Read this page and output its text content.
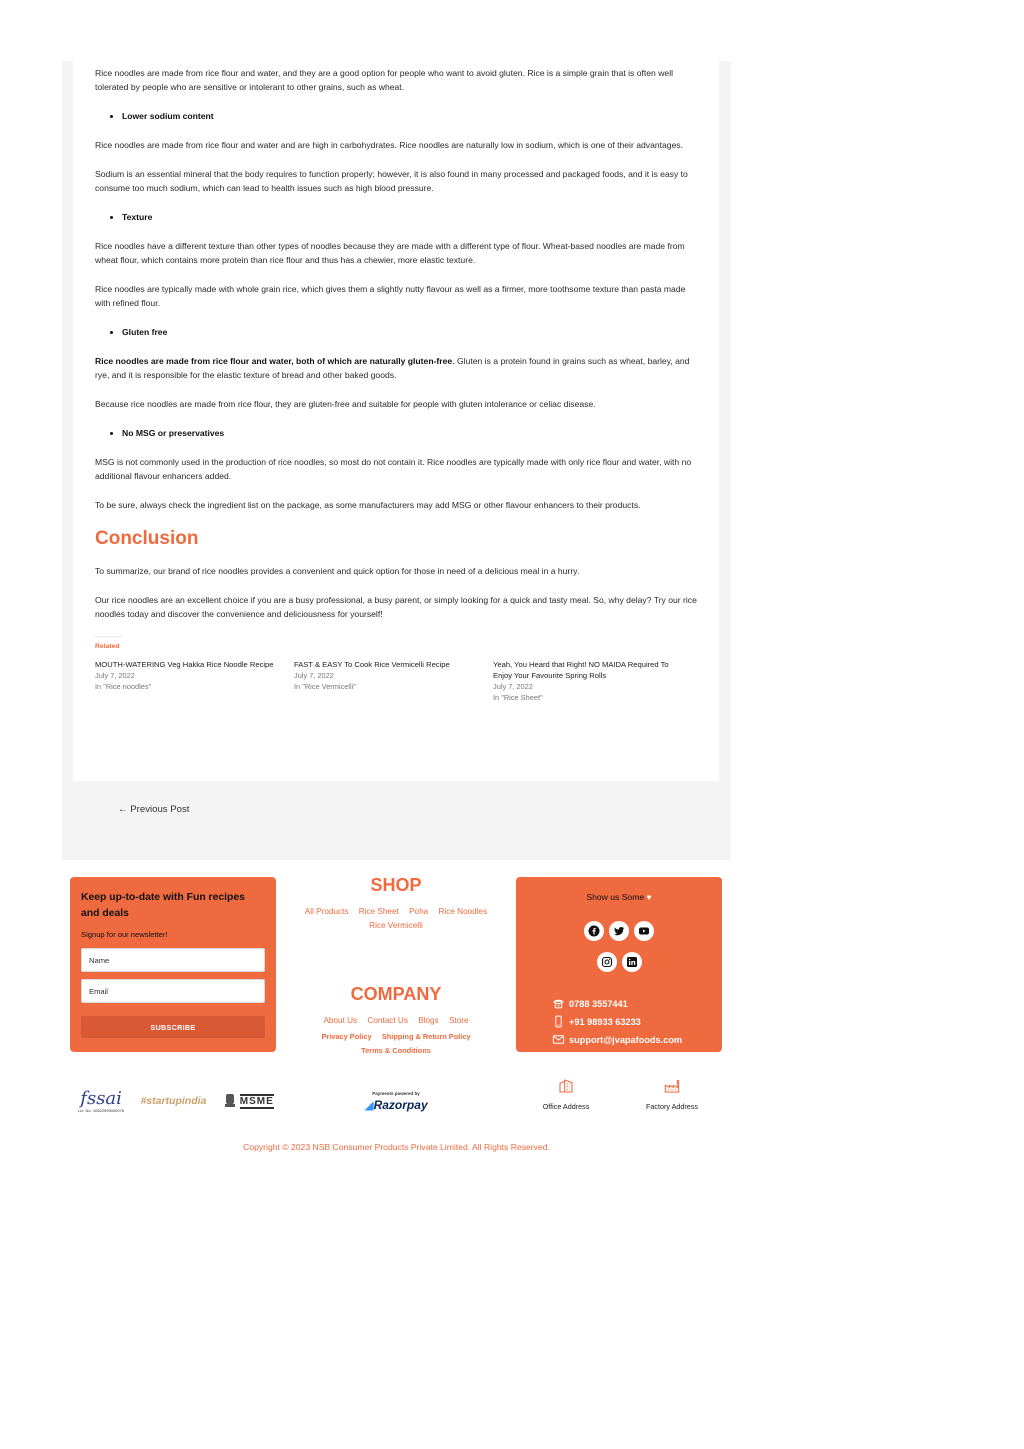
Rice noodles are made from rice flour and water, and they are a good option for people who want to avoid gluten. Rice is a simple grain that is often well tolerated by people who are sensitive or intolerant to other grains, such as wheat.

• Lower sodium content

Rice noodles are made from rice flour and water and are high in carbohydrates. Rice noodles are naturally low in sodium, which is one of their advantages.

Sodium is an essential mineral that the body requires to function properly; however, it is also found in many processed and packaged foods, and it is easy to consume too much sodium, which can lead to health issues such as high blood pressure.

• Texture

Rice noodles have a different texture than other types of noodles because they are made with a different type of flour. Wheat-based noodles are made from wheat flour, which contains more protein than rice flour and thus has a chewier, more elastic texture.

Rice noodles are typically made with whole grain rice, which gives them a slightly nutty flavour as well as a firmer, more toothsome texture than pasta made with refined flour.

• Gluten free

Rice noodles are made from rice flour and water, both of which are naturally gluten-free. Gluten is a protein found in grains such as wheat, barley, and rye, and it is responsible for the elastic texture of bread and other baked goods.

Because rice noodles are made from rice flour, they are gluten-free and suitable for people with gluten intolerance or celiac disease.

• No MSG or preservatives

MSG is not commonly used in the production of rice noodles, so most do not contain it. Rice noodles are typically made with only rice flour and water, with no additional flavour enhancers added.

To be sure, always check the ingredient list on the package, as some manufacturers may add MSG or other flavour enhancers to their products.

Conclusion

To summarize, our brand of rice noodles provides a convenient and quick option for those in need of a delicious meal in a hurry.

Our rice noodles are an excellent choice if you are a busy professional, a busy parent, or simply looking for a quick and tasty meal. So, why delay? Try our rice noodles today and discover the convenience and deliciousness for yourself!

Related
MOUTH-WATERING Veg Hakka Rice Noodle Recipe
July 7, 2022
In "Rice noodles"
FAST & EASY To Cook Rice Vermicelli Recipe
July 7, 2022
In "Rice Vermicelli"
Yeah, You Heard that Right! NO MAIDA Required To Enjoy Your Favourite Spring Rolls
July 7, 2022
In "Rice Sheet"
← Previous Post
Keep up-to-date with Fun recipes and deals
Signup for our newsletter!
Name
Email SUBSCRIBE
SHOP
All Products Rice Sheet Poha Rice Noodles
Rice Vermicelli
COMPANY
About Us Contact Us Blogs Store
Privacy Policy Shipping & Return Policy
Terms & Conditions
Show us Some ♥
0788 3557441
+91 98933 63233
support@jvapafoods.com
fssai
Lic. No. 10522999000076
#startupindia	MSME
Payments powered by
◢Razorpay	Office Address	Factory Address
Copyright © 2023 NSB Consumer Products Private Limited. All Rights Reserved.
